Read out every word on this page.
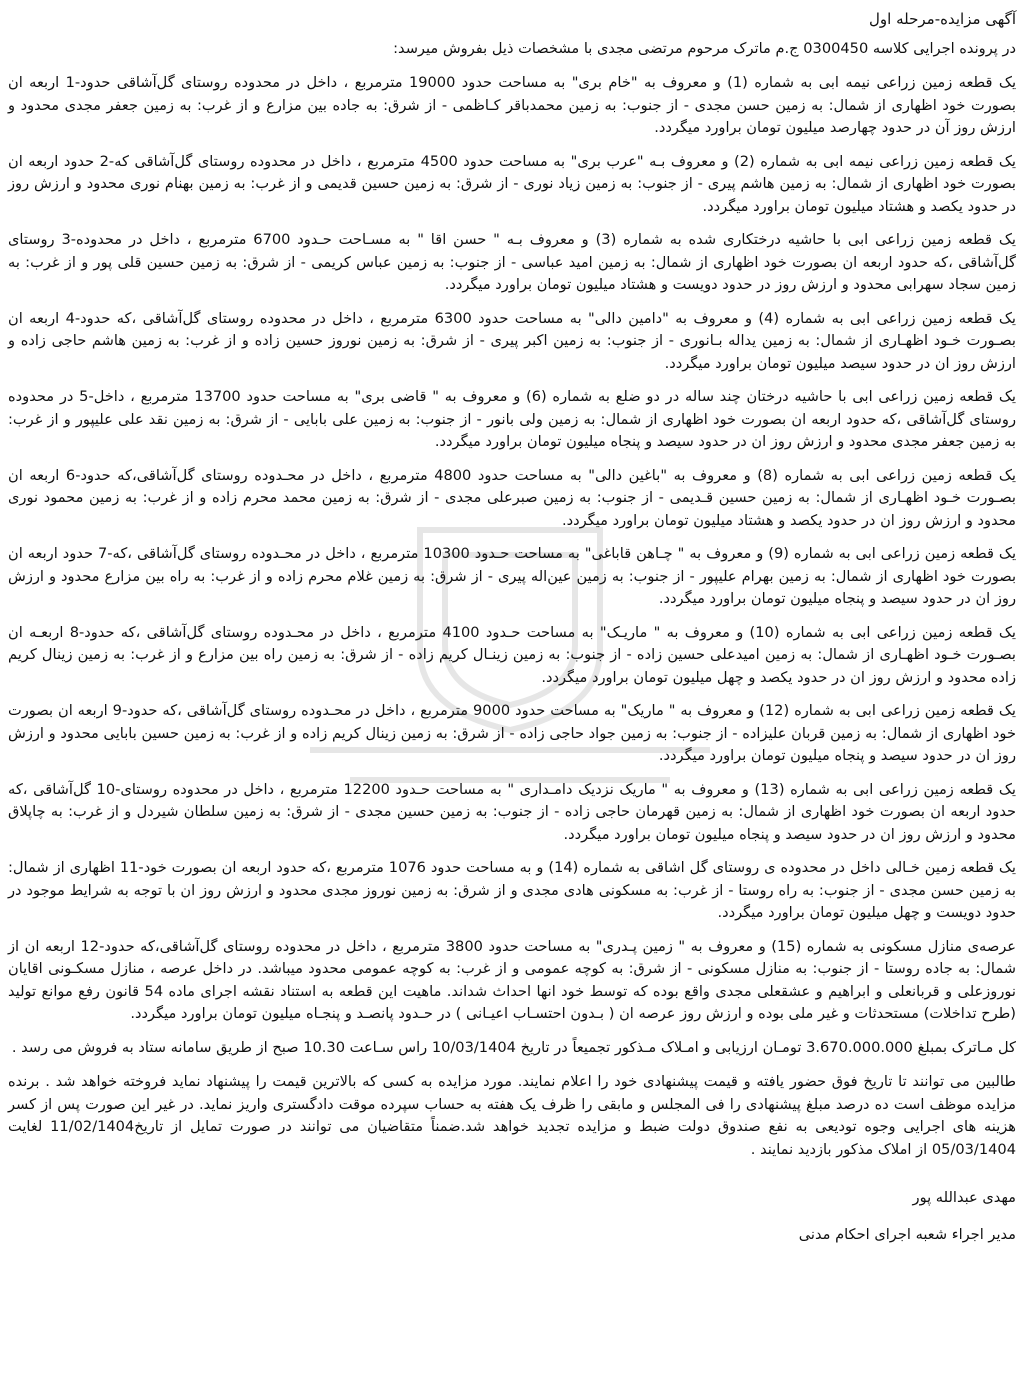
آگهی مزایده-مرحله اول
در پرونده اجرایی کلاسه 0300450 ج.م ماترک مرحوم مرتضی مجدی با مشخصات ذیل بفروش میرسد:
یک قطعه زمین زراعی نیمه ابی به شماره (1) و معروف به "خام بری" به مساحت حدود 19000 مترمربع ، داخل در محدوده روستای گل‌آشاقی حدود-1 اربعه ان بصورت خود اظهاری از شمال: به زمین حسن مجدی - از جنوب: به زمین محمدباقر کـاظمی - از شرق: به جاده بین مزارع و از غرب: به زمین جعفر مجدی محدود و ارزش روز آن در حدود چهارصد میلیون تومان براورد میگردد.
یک قطعه زمین زراعی نیمه ابی به شماره (2) و معروف بـه "عرب بری" به مساحت حدود 4500 مترمربع ، داخل در محدوده روستای گل‌آشاقی که-2 حدود اربعه ان بصورت خود اظهاری از شمال: به زمین هاشم پیری - از جنوب: به زمین زیاد نوری - از شرق: به زمین حسین قدیمی و از غرب: به زمین بهنام نوری محدود و ارزش روز در حدود یکصد و هشتاد میلیون تومان براورد میگردد.
یک قطعه زمین زراعی ابی با حاشیه درختکاری شده به شماره (3) و معروف بـه " حسن اقا " به مسـاحت حـدود 6700 مترمربع ، داخل در محدوده-3 روستای گل‌آشاقی ،که حدود اربعه ان بصورت خود اظهاری از شمال: به زمین امید عباسی - از جنوب: به زمین عباس کریمی - از شرق: به زمین حسین قلی پور و از غرب: به زمین سجاد سهرابی محدود و ارزش روز در حدود دویست و هشتاد میلیون تومان براورد میگردد.
یک قطعه زمین زراعی ابی به شماره (4) و معروف به "دامین دالی" به مساحت حدود 6300 مترمربع ، داخل در محدوده روستای گل‌آشاقی ،که حدود-4 اربعه ان بصـورت خـود اظهـاری از شمال: به زمین یداله بـانوری - از جنوب: به زمین اکبر پیری - از شرق: به زمین نوروز حسین زاده و از غرب: به زمین هاشم حاجی زاده و ارزش روز ان در حدود سیصد میلیون تومان براورد میگردد.
یک قطعه زمین زراعی ابی با حاشیه درختان چند ساله در دو ضلع به شماره (6) و معروف به " قاضی بری" به مساحت حدود 13700 مترمربع ، داخل-5 در محدوده روستای گل‌آشاقی ،که حدود اربعه ان بصورت خود اظهاری از شمال: به زمین ولی بانور - از جنوب: به زمین علی بابایی - از شرق: به زمین نقد علی علیپور و از غرب: به زمین جعفر مجدی محدود و ارزش روز ان در حدود سیصد و پنجاه میلیون تومان براورد میگردد.
یک قطعه زمین زراعی ابی به شماره (8) و معروف به "باغین دالی" به مساحت حدود 4800 مترمربع ، داخل در محـدوده روستای گل‌آشاقی،که حدود-6 اربعه ان بصـورت خـود اظهـاری از شمال: به زمین حسین قـدیمی - از جنوب: به زمین صبرعلی مجدی - از شرق: به زمین محمد محرم زاده و از غرب: به زمین محمود نوری محدود و ارزش روز ان در حدود یکصد و هشتاد میلیون تومان براورد میگردد.
یک قطعه زمین زراعی ابی به شماره (9) و معروف به " چـاهن قاباغی" به مساحت حـدود 10300 مترمربع ، داخل در محـدوده روستای گل‌آشاقی ،که-7 حدود اربعه ان بصورت خود اظهاری از شمال: به زمین بهرام علیپور - از جنوب: به زمین عین‌اله پیری - از شرق: به زمین غلام محرم زاده و از غرب: به راه بین مزارع محدود و ارزش روز ان در حدود سیصد و پنجاه میلیون تومان براورد میگردد.
یک قطعه زمین زراعی ابی به شماره (10) و معروف به " ماریـک" به مساحت حـدود 4100 مترمربع ، داخل در محـدوده روستای گل‌آشاقی ،که حدود-8 اربعـه ان بصـورت خـود اظهـاری از شمال: به زمین امیدعلی حسین زاده - از جنوب: به زمین زینـال کریم زاده - از شرق: به زمین راه بین مزارع و از غرب: به زمین زینال کریم زاده محدود و ارزش روز ان در حدود یکصد و چهل میلیون تومان براورد میگردد.
یک قطعه زمین زراعی ابی به شماره (12) و معروف به " ماریک" به مساحت حدود 9000 مترمربع ، داخل در محـدوده روستای گل‌آشاقی ،که حدود-9 اربعه ان بصورت خود اظهاری از شمال: به زمین قربان علیزاده - از جنوب: به زمین جواد حاجی زاده - از شرق: به زمین زینال کریم زاده و از غرب: به زمین حسین بابایی محدود و ارزش روز ان در حدود سیصد و پنجاه میلیون تومان براورد میگردد.
یک قطعه زمین زراعی ابی به شماره (13) و معروف به " ماریک نزدیک دامـداری " به مساحت حـدود 12200 مترمربع ، داخل در محدوده روستای-10 گل‌آشاقی ،که حدود اربعه ان بصورت خود اظهاری از شمال: به زمین قهرمان حاجی زاده - از جنوب: به زمین حسین مجدی - از شرق: به زمین سلطان شیردل و از غرب: به چاپلاق محدود و ارزش روز ان در حدود سیصد و پنجاه میلیون تومان براورد میگردد.
یک قطعه زمین خـالی داخل در محدوده ی روستای گل اشاقی به شماره (14) و به مساحت حدود 1076 مترمربع ،که حدود اربعه ان بصورت خود-11 اظهاری از شمال: به زمین حسن مجدی - از جنوب: به راه روستا - از غرب: به مسکونی هادی مجدی و از شرق: به زمین نوروز مجدی محدود و ارزش روز ان با توجه به شرایط موجود در حدود دویست و چهل میلیون تومان براورد میگردد.
عرصه‌ی منازل مسکونی به شماره (15) و معروف به " زمین پـدری" به مساحت حدود 3800 مترمربع ، داخل در محدوده روستای گل‌آشاقی،که حدود-12 اربعه ان از شمال: به جاده روستا - از جنوب: به منازل مسکونی - از شرق: به کوچه عمومی و از غرب: به کوچه عمومی محدود میباشد. در داخل عرصه ، منازل مسکـونی اقایان نوروزعلی و قربانعلی و ابراهیم و عشقعلی مجدی واقع بوده که توسط خود انها احداث شداند. ماهیت این قطعه به استناد نقشه اجرای ماده 54 قانون رفع موانع تولید (طرح تداخلات) مستحدثات و غیر ملی بوده و ارزش روز عرصه ان ( بـدون احتسـاب اعیـانی ) در حـدود پانصـد و پنجـاه میلیون تومان براورد میگردد.
کل مـاترک بمبلغ 3.670.000.000 تومـان ارزیابی و امـلاک مـذکور تجمیعاً در تاریخ 10/03/1404 راس سـاعت 10.30 صبح از طریق سامانه ستاد به فروش می رسد .
طالبین می توانند تا تاریخ فوق حضور یافته و قیمت پیشنهادی خود را اعلام نمایند. مورد مزایده به کسی که بالاترین قیمت را پیشنهاد نماید فروخته خواهد شد . برنده مزایده موظف است ده درصد مبلغ پیشنهادی را فی المجلس و مابقی را ظرف یک هفته به حساب سپرده موقت دادگستری واریز نماید. در غیر این صورت پس از کسر هزینه های اجرایی وجوه تودیعی به نفع صندوق دولت ضبط و مزایده تجدید خواهد شد.ضمناً متقاضیان می توانند در صورت تمایل از تاریخ11/02/1404 لغایت 05/03/1404 از املاک مذکور بازدید نمایند .
مهدی عبدالله پور
مدیر اجراء شعبه اجرای احکام مدنی
